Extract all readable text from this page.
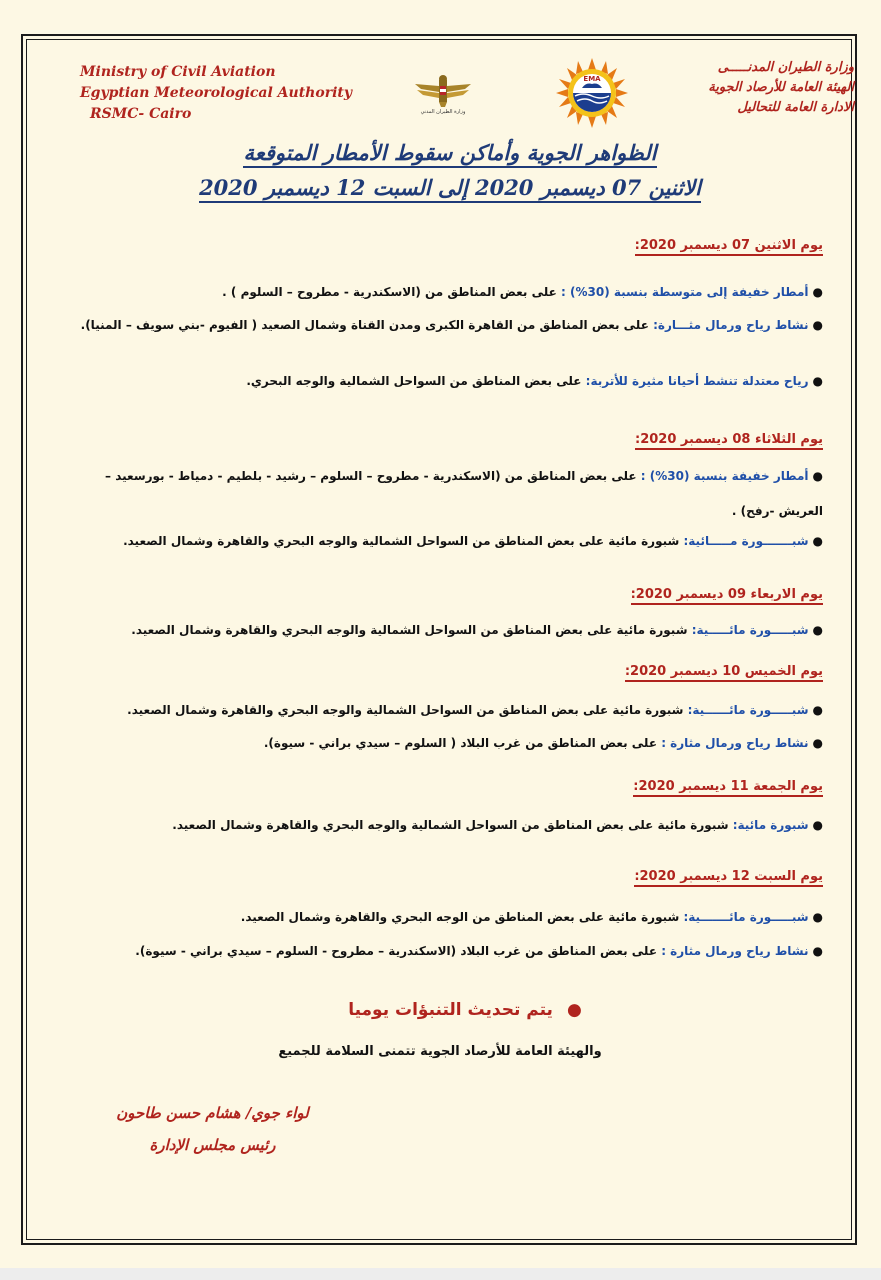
Ministry of Civil Aviation
Egyptian Meteorological Authority
RSMC- Cairo	وزارة الطيران المدني
EMA
وزارة الطيران المدنـــــى
الهيئة العامة للأرصاد الجوية
الادارة العامة للتحاليل
الظواهر الجوية وأماكن سقوط الأمطار المتوقعة
الاثنين 07 ديسمبر 2020 إلى السبت 12 ديسمبر 2020
يوم الاثنين 07 ديسمبر 2020:
●أمطار خفيفة إلى متوسطة بنسبة (30%) : على بعض المناطق من (الاسكندرية - مطروح – السلوم ) .
●نشاط رياح ورمال مثـــارة: على بعض المناطق من القاهرة الكبرى ومدن القناة وشمال الصعيد ( الفيوم -بني سويف – المنيا).
●رياح معتدلة تنشط أحيانا مثيرة للأتربة: على بعض المناطق من السواحل الشمالية والوجه البحري.
يوم الثلاثاء 08 ديسمبر 2020:
●أمطار خفيفة بنسبة (30%) : على بعض المناطق من (الاسكندرية - مطروح – السلوم – رشيد - بلطيم - دمياط - بورسعيد – العريش -رفح) .
●شبـــــــورة مـــــائية: شبورة مائية على بعض المناطق من السواحل الشمالية والوجه البحري والقاهرة وشمال الصعيد.
يوم الاربعاء 09 ديسمبر 2020:
●شبـــــورة مائـــــية: شبورة مائية على بعض المناطق من السواحل الشمالية والوجه البحري والقاهرة وشمال الصعيد.
يوم الخميس 10 ديسمبر 2020:
●شبـــــورة مائــــــية: شبورة مائية على بعض المناطق من السواحل الشمالية والوجه البحري والقاهرة وشمال الصعيد.
●نشاط رياح ورمال مثارة : على بعض المناطق من غرب البلاد ( السلوم – سيدي براني - سيوة).
يوم الجمعة 11 ديسمبر 2020:
●شبورة مائية: شبورة مائية على بعض المناطق من السواحل الشمالية والوجه البحري والقاهرة وشمال الصعيد.
يوم السبت 12 ديسمبر 2020:
●شبـــــورة مائـــــــية: شبورة مائية على بعض المناطق من الوجه البحري والقاهرة وشمال الصعيد.
●نشاط رياح ورمال مثارة : على بعض المناطق من غرب البلاد (الاسكندرية – مطروح - السلوم – سيدي براني - سيوة).
●يتم تحديث التنبؤات يوميا
والهيئة العامة للأرصاد الجوية تتمنى السلامة للجميع
لواء جوي/ هشام حسن طاحون
رئيس مجلس الإدارة
